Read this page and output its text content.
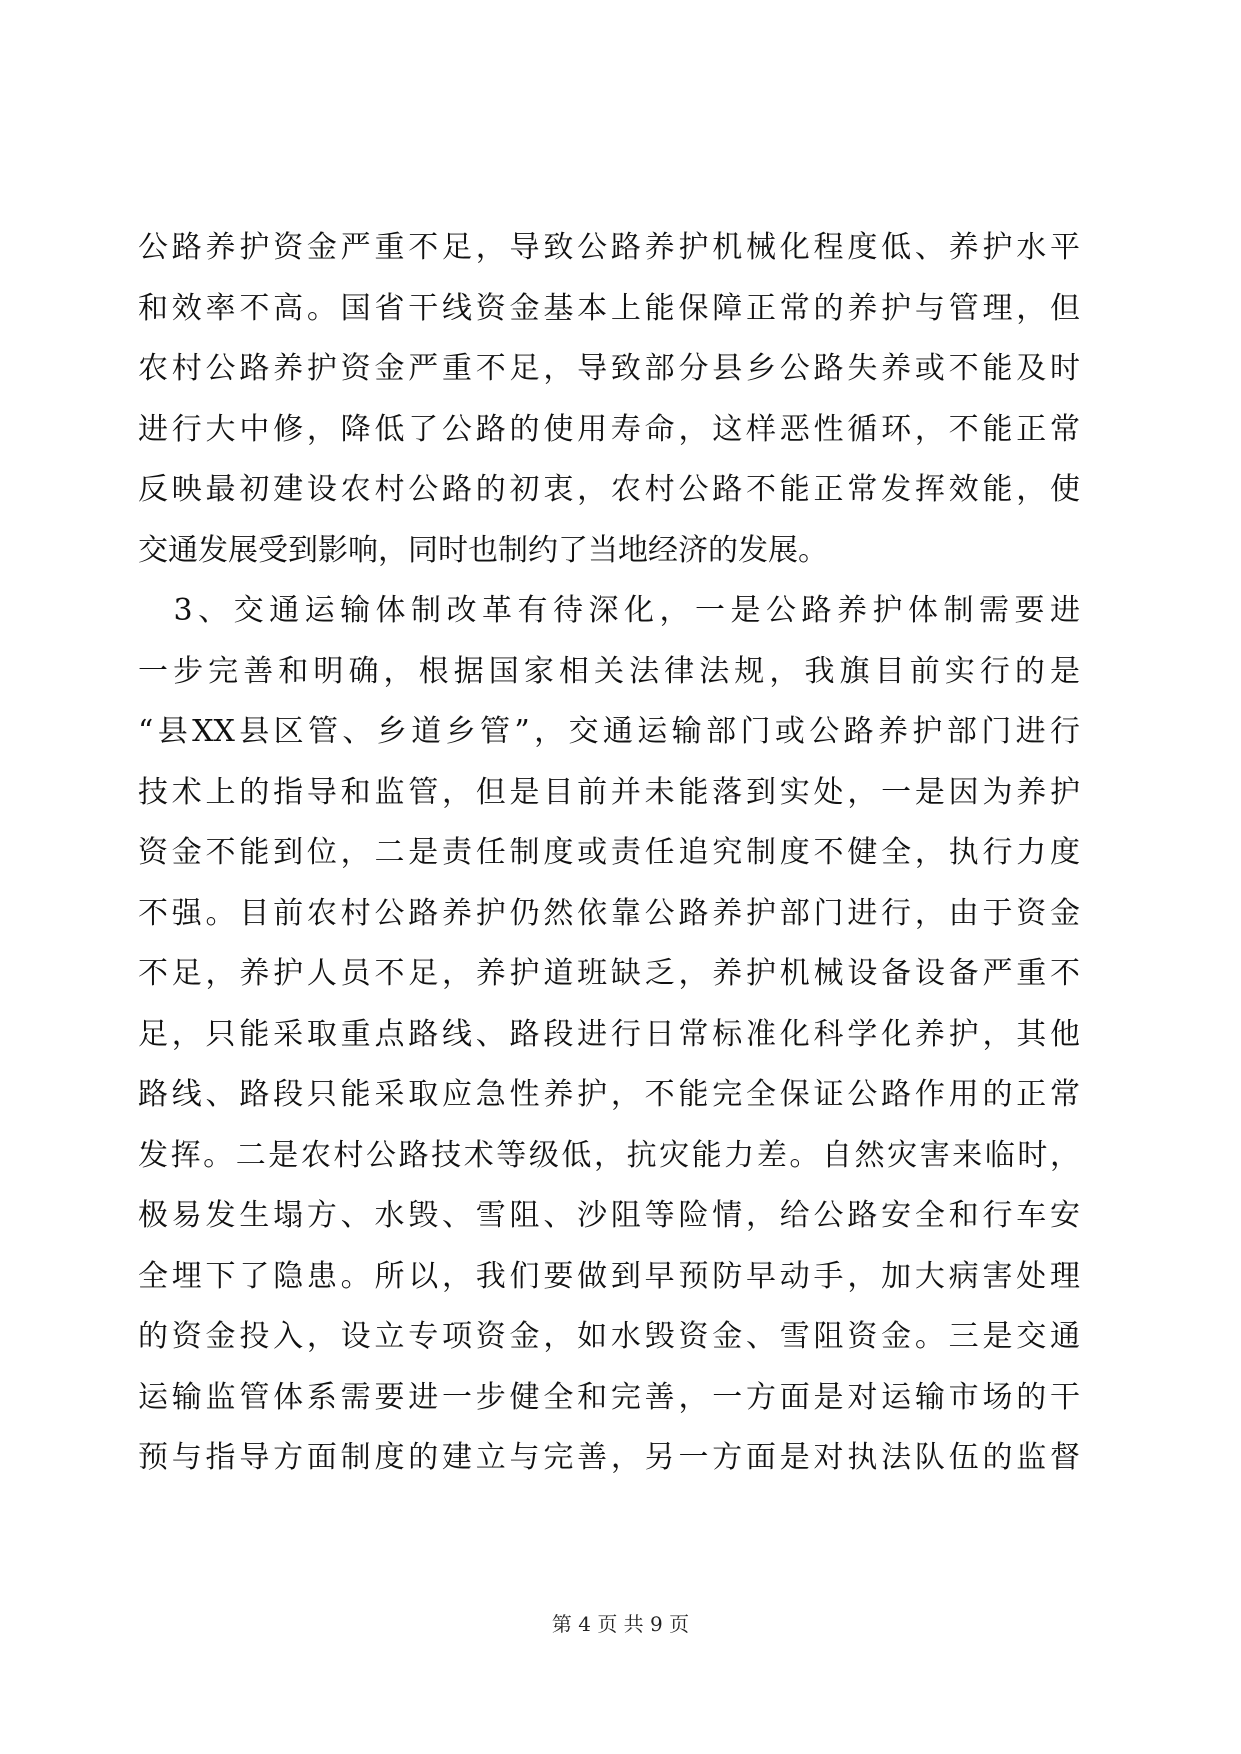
公路养护资金严重不足，导致公路养护机械化程度低、养护水平
和效率不高。国省干线资金基本上能保障正常的养护与管理，但
农村公路养护资金严重不足，导致部分县乡公路失养或不能及时
进行大中修，降低了公路的使用寿命，这样恶性循环，不能正常
反映最初建设农村公路的初衷，农村公路不能正常发挥效能，使
交通发展受到影响，同时也制约了当地经济的发展。
　3、交通运输体制改革有待深化，一是公路养护体制需要进
一步完善和明确，根据国家相关法律法规，我旗目前实行的是
“县XX县区管、乡道乡管”，交通运输部门或公路养护部门进行
技术上的指导和监管，但是目前并未能落到实处，一是因为养护
资金不能到位，二是责任制度或责任追究制度不健全，执行力度
不强。目前农村公路养护仍然依靠公路养护部门进行，由于资金
不足，养护人员不足，养护道班缺乏，养护机械设备设备严重不
足，只能采取重点路线、路段进行日常标准化科学化养护，其他
路线、路段只能采取应急性养护，不能完全保证公路作用的正常
发挥。二是农村公路技术等级低，抗灾能力差。自然灾害来临时，
极易发生塌方、水毁、雪阻、沙阻等险情，给公路安全和行车安
全埋下了隐患。所以，我们要做到早预防早动手，加大病害处理
的资金投入，设立专项资金，如水毁资金、雪阻资金。三是交通
运输监管体系需要进一步健全和完善，一方面是对运输市场的干
预与指导方面制度的建立与完善，另一方面是对执法队伍的监督
第 4 页 共 9 页
